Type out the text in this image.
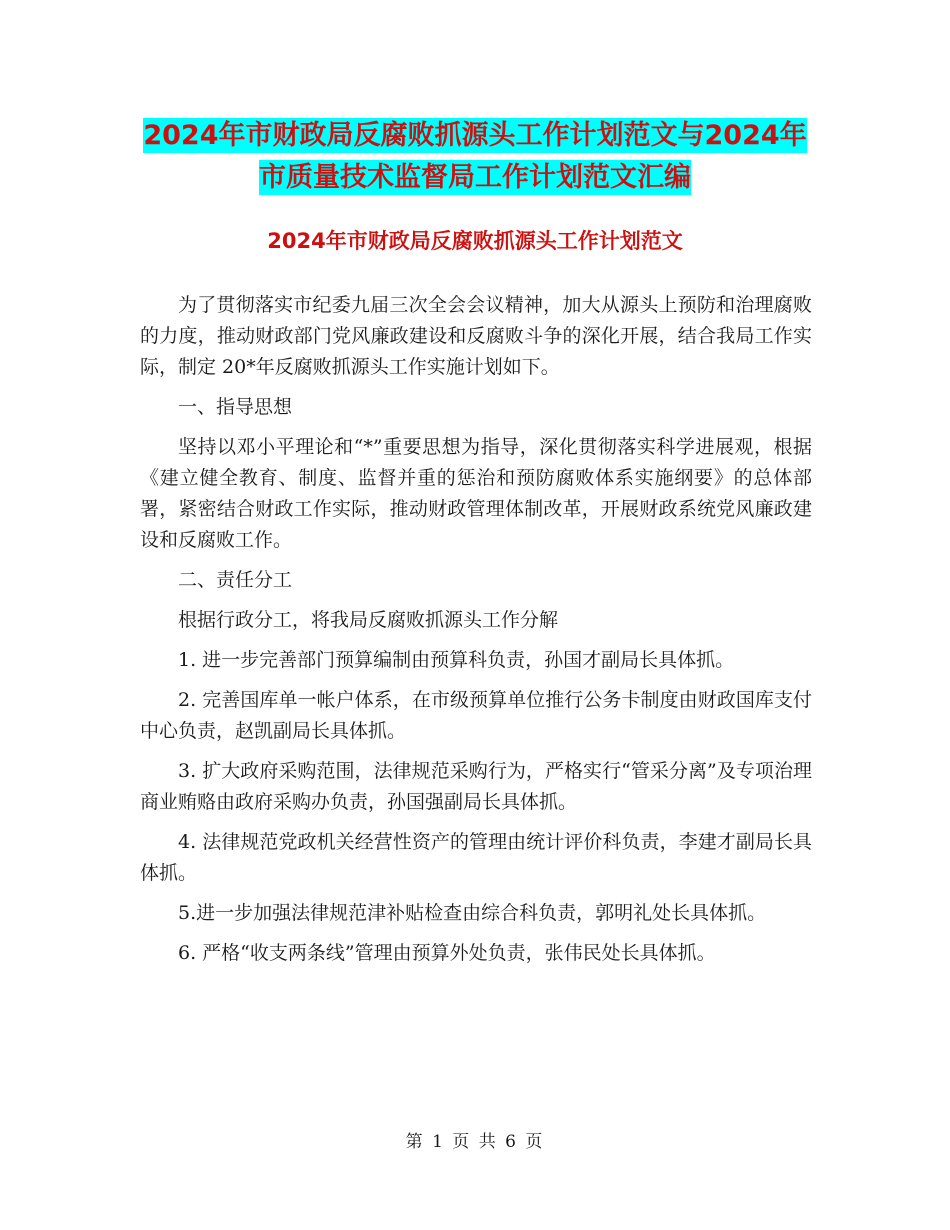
2024年市财政局反腐败抓源头工作计划范文与2024年
市质量技术监督局工作计划范文汇编
2024年市财政局反腐败抓源头工作计划范文

为了贯彻落实市纪委九届三次全会会议精神，加大从源头上预防和治理腐败的力度，推动财政部门党风廉政建设和反腐败斗争的深化开展，结合我局工作实际，制定 20*年反腐败抓源头工作实施计划如下。

一、指导思想

坚持以邓小平理论和“*”重要思想为指导，深化贯彻落实科学进展观，根据《建立健全教育、制度、监督并重的惩治和预防腐败体系实施纲要》的总体部署，紧密结合财政工作实际，推动财政管理体制改革，开展财政系统党风廉政建设和反腐败工作。

二、责任分工

根据行政分工，将我局反腐败抓源头工作分解

1. 进一步完善部门预算编制由预算科负责，孙国才副局长具体抓。

2. 完善国库单一帐户体系，在市级预算单位推行公务卡制度由财政国库支付中心负责，赵凯副局长具体抓。

3. 扩大政府采购范围，法律规范采购行为，严格实行“管采分离”及专项治理商业贿赂由政府采购办负责，孙国强副局长具体抓。

4. 法律规范党政机关经营性资产的管理由统计评价科负责，李建才副局长具体抓。

5.进一步加强法律规范津补贴检查由综合科负责，郭明礼处长具体抓。

6. 严格“收支两条线”管理由预算外处负责，张伟民处长具体抓。

第 1 页 共 6 页
